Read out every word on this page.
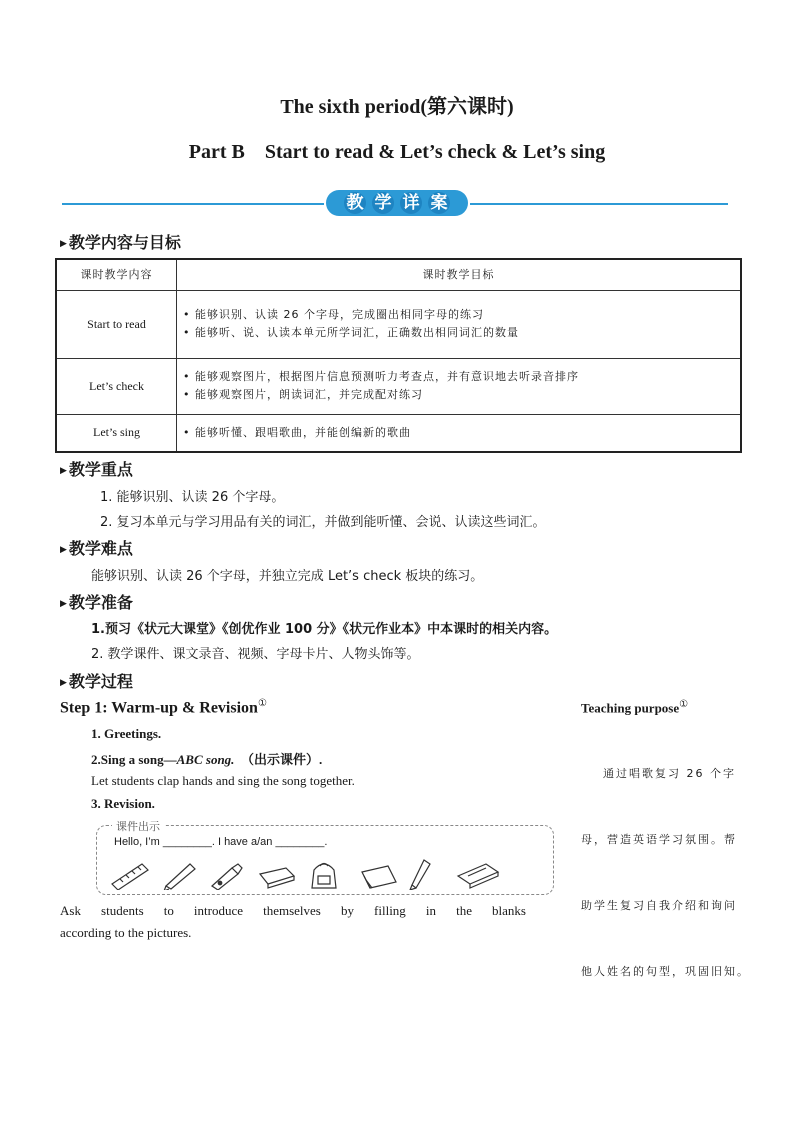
The sixth period(第六课时)
Part B    Start to read & Let’s check & Let’s sing
教 学 详 案
▶ 教学内容与目标
课时教学内容	课时教学目标
Start to read	• 能够识别、认读 26 个字母，完成圈出相同字母的练习
• 能够听、说、认读本单元所学词汇，正确数出相同词汇的数量

Let’s check	• 能够观察图片，根据图片信息预测听力考查点，并有意识地去听录音排序
• 能够观察图片，朗读词汇，并完成配对练习

Let’s sing	• 能够听懂、跟唱歌曲，并能创编新的歌曲
▶ 教学重点
1. 能够识别、认读 26 个字母。
2. 复习本单元与学习用品有关的词汇，并做到能听懂、会说、认读这些词汇。
▶ 教学难点
能够识别、认读 26 个字母，并独立完成 Let’s check 板块的练习。
▶ 教学准备
1.预习《状元大课堂》《创优作业 100 分》《状元作业本》中本课时的相关内容。
2. 教学课件、课文录音、视频、字母卡片、人物头饰等。
▶ 教学过程
Step 1: Warm-up & Revision①
1. Greetings.
2.Sing a song—ABC song. （出示课件）.
Let students clap hands and sing the song together.
3. Revision.
课件出示
Hello, I’m ________. I have a/an ________.
Ask students to introduce themselves by filling in the blanks
according to the pictures.
Teaching purpose①

通过唱歌复习 26 个字

母，营造英语学习氛围。帮

助学生复习自我介绍和询问

他人姓名的句型，巩固旧知。
